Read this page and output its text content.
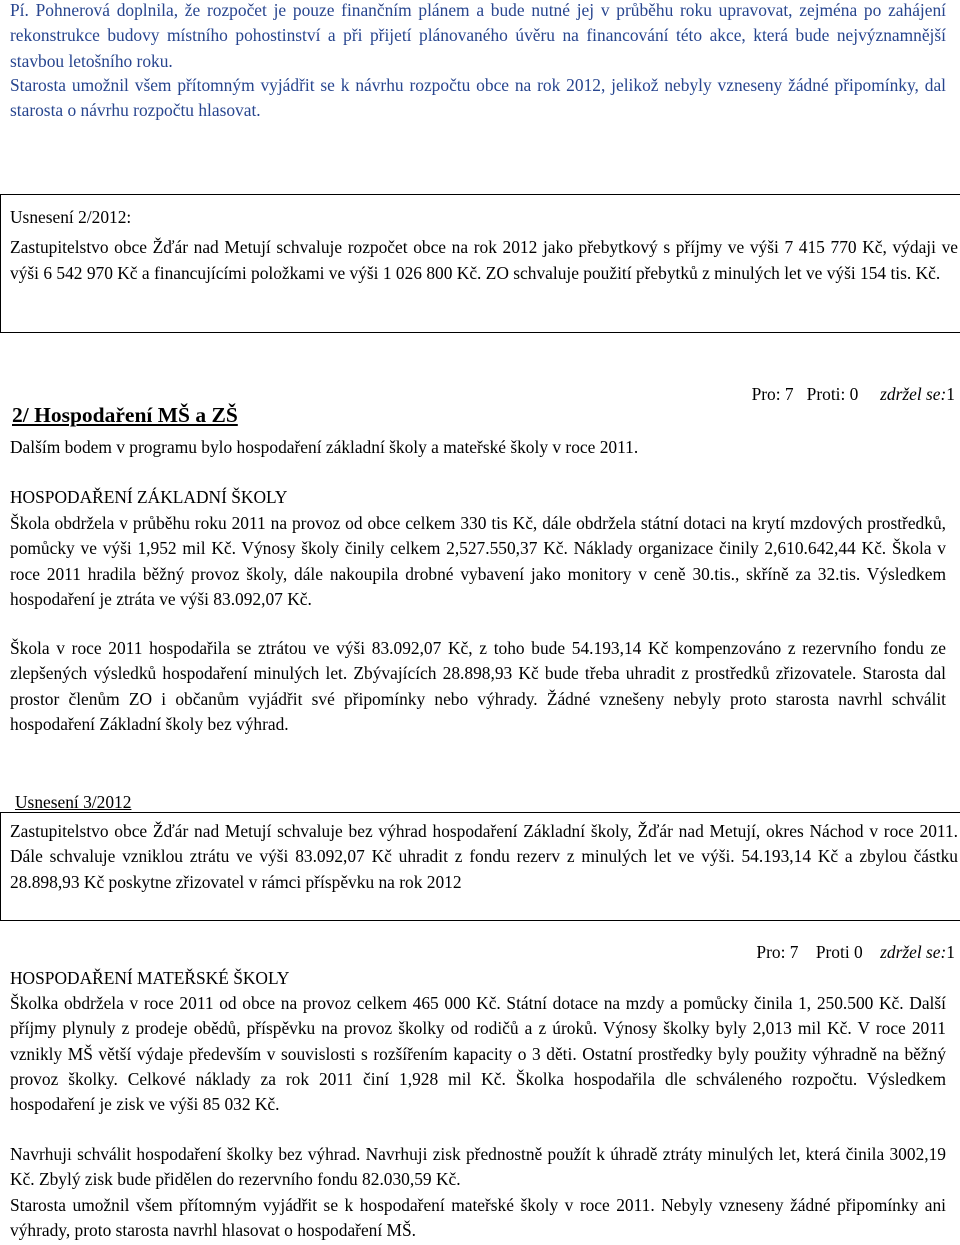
Pí. Pohnerová doplnila, že rozpočet je pouze finančním plánem a bude nutné jej v průběhu roku upravovat, zejména po zahájení rekonstrukce budovy místního pohostinství a při přijetí plánovaného úvěru na financování této akce, která bude nejvýznamnější stavbou letošního roku.

Starosta umožnil všem přítomným vyjádřit se k návrhu rozpočtu obce na rok 2012, jelikož nebyly vzneseny žádné připomínky, dal starosta o návrhu rozpočtu hlasovat.

Usnesení 2/2012:

Zastupitelstvo obce Žďár nad Metují schvaluje rozpočet obce na rok 2012 jako přebytkový s příjmy ve výši 7 415 770 Kč, výdaji ve výši 6 542 970 Kč a financujícími položkami ve výši 1 026 800 Kč. ZO schvaluje použití přebytků z minulých let ve výši 154 tis. Kč.

Pro: 7 Proti: 0 zdržel se:1

2/ Hospodaření MŠ a ZŠ

Dalším bodem v programu bylo hospodaření základní školy a mateřské školy v roce 2011.

HOSPODAŘENÍ ZÁKLADNÍ ŠKOLY

Škola obdržela v průběhu roku 2011 na provoz od obce celkem 330 tis Kč, dále obdržela státní dotaci na krytí mzdových prostředků, pomůcky ve výši 1,952 mil Kč. Výnosy školy činily celkem 2,527.550,37 Kč. Náklady organizace činily 2,610.642,44 Kč. Škola v roce 2011 hradila běžný provoz školy, dále nakoupila drobné vybavení jako monitory v ceně 30.tis., skříně za 32.tis. Výsledkem hospodaření je ztráta ve výši 83.092,07 Kč.

Škola v roce 2011 hospodařila se ztrátou ve výši 83.092,07 Kč, z toho bude 54.193,14 Kč kompenzováno z rezervního fondu ze zlepšených výsledků hospodaření minulých let. Zbývajících 28.898,93 Kč bude třeba uhradit z prostředků zřizovatele. Starosta dal prostor členům ZO i občanům vyjádřit své připomínky nebo výhrady. Žádné vznešeny nebyly proto starosta navrhl schválit hospodaření Základní školy bez výhrad.

Zastupitelstvo obce Žďár nad Metují schvaluje bez výhrad hospodaření Základní školy, Žďár nad Metují, okres Náchod v roce 2011. Dále schvaluje vzniklou ztrátu ve výši 83.092,07 Kč uhradit z fondu rezerv z minulých let ve výši. 54.193,14 Kč a zbylou částku 28.898,93 Kč poskytne zřizovatel v rámci příspěvku na rok 2012

Usnesení 3/2012

Pro: 7 Proti 0 zdržel se:1

HOSPODAŘENÍ MATEŘSKÉ ŠKOLY

Školka obdržela v roce 2011 od obce na provoz celkem 465 000 Kč. Státní dotace na mzdy a pomůcky činila 1, 250.500 Kč. Další příjmy plynuly z prodeje obědů, příspěvku na provoz školky od rodičů a z úroků. Výnosy školky byly 2,013 mil Kč. V roce 2011 vznikly MŠ větší výdaje především v souvislosti s rozšířením kapacity o 3 děti. Ostatní prostředky byly použity výhradně na běžný provoz školky. Celkové náklady za rok 2011 činí 1,928 mil Kč. Školka hospodařila dle schváleného rozpočtu. Výsledkem hospodaření je zisk ve výši 85 032 Kč.

Navrhuji schválit hospodaření školky bez výhrad. Navrhuji zisk přednostně použít k úhradě ztráty minulých let, která činila 3002,19 Kč. Zbylý zisk bude přidělen do rezervního fondu 82.030,59 Kč.

Starosta umožnil všem přítomným vyjádřit se k hospodaření mateřské školy v roce 2011. Nebyly vzneseny žádné připomínky ani výhrady, proto starosta navrhl hlasovat o hospodaření MŠ.
